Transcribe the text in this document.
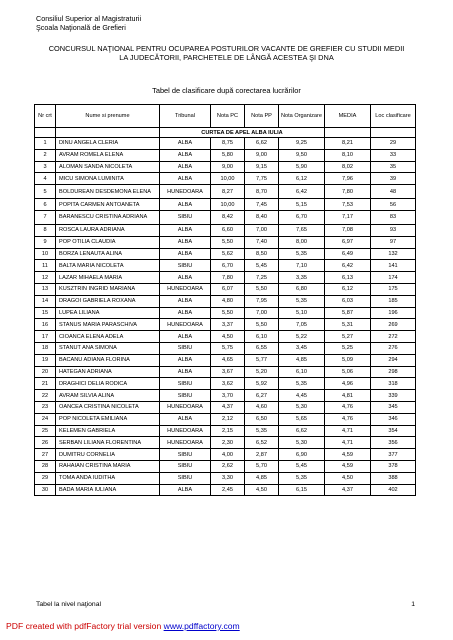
Consiliul Superior al Magistraturii
Şcoala Naţională de Grefieri
CONCURSUL NAŢIONAL PENTRU OCUPAREA POSTURILOR VACANTE DE GREFIER CU STUDII MEDII
LA JUDECĂTORII, PARCHETELE DE LÂNGĂ ACESTEA ŞI DNA
Tabel de clasificare după corectarea lucrărilor
Nr crt	Nume si prenume	Tribunal	Nota PC	Nota PP	Nota Organizare	MEDIA	Loc clasificare
		CURTEA DE APEL ALBA IULIA					
1	DINU ANGELA CLERIA	ALBA	8,75	6,62	9,25	8,21	29
2	AVRAM ROMELA ELENA	ALBA	5,80	9,00	9,50	8,10	33
3	ALOMAN SANDA NICOLETA	ALBA	9,00	9,15	5,90	8,02	35
4	MICU SIMONA LUMINITA	ALBA	10,00	7,75	6,12	7,96	39
5	BOLDUREAN DESDEMONA ELENA	HUNEDOARA	8,27	8,70	6,42	7,80	48
6	POPITA CARMEN ANTOANETA	ALBA	10,00	7,45	5,15	7,53	56
7	BARANESCU CRISTINA ADRIANA	SIBIU	8,42	8,40	6,70	7,17	83
8	ROSCA LAURA ADRIANA	ALBA	6,60	7,00	7,65	7,08	93
9	POP OTILIA CLAUDIA	ALBA	5,50	7,40	8,00	6,97	97
10	BORZA LENAUTA ALINA	ALBA	5,62	8,50	5,35	6,49	132
11	BALTA MARIA NICOLETA	SIBIU	6,70	5,45	7,10	6,42	141
12	LAZAR MIHAELA MARIA	ALBA	7,80	7,25	3,35	6,13	174
13	KUSZTRIN INGRID MARIANA	HUNEDOARA	6,07	5,50	6,80	6,12	175
14	DRAGOI GABRIELA ROXANA	ALBA	4,80	7,95	5,35	6,03	185
15	LUPEA LILIANA	ALBA	5,50	7,00	5,10	5,87	196
16	STANUS MARIA PARASCHIVA	HUNEDOARA	3,37	5,50	7,05	5,31	269
17	CIOANCA ELENA ADELA	ALBA	4,50	6,10	5,22	5,27	272
18	STANUT ANA SIMONA	SIBIU	5,75	6,55	3,45	5,25	276
19	BACANU ADIANA FLORINA	ALBA	4,65	5,77	4,85	5,09	294
20	HATEGAN ADRIANA	ALBA	3,67	5,20	6,10	5,06	298
21	DRAGHICI DELIA RODICA	SIBIU	3,62	5,92	5,35	4,96	318
22	AVRAM SILVIA ALINA	SIBIU	3,70	6,27	4,45	4,81	339
23	OANCEA CRISTINA NICOLETA	HUNEDOARA	4,37	4,60	5,30	4,76	345
24	POP NICOLETA EMILIANA	ALBA	2,12	6,50	5,65	4,76	346
25	KELEMEN GABRIELA	HUNEDOARA	2,15	5,35	6,62	4,71	354
26	SERBAN LILIANA FLORENTINA	HUNEDOARA	2,30	6,52	5,30	4,71	356
27	DUMITRU CORNELIA	SIBIU	4,00	2,87	6,90	4,59	377
28	RAHAIAN CRISTINA MARIA	SIBIU	2,62	5,70	5,45	4,59	378
29	TOMA ANDA IUDITHA	SIBIU	3,30	4,85	5,35	4,50	388
30	BADA MARIA IULIANA	ALBA	2,45	4,50	6,15	4,37	402
Tabel la nivel naţional	1
PDF created with pdfFactory trial version www.pdffactory.com
